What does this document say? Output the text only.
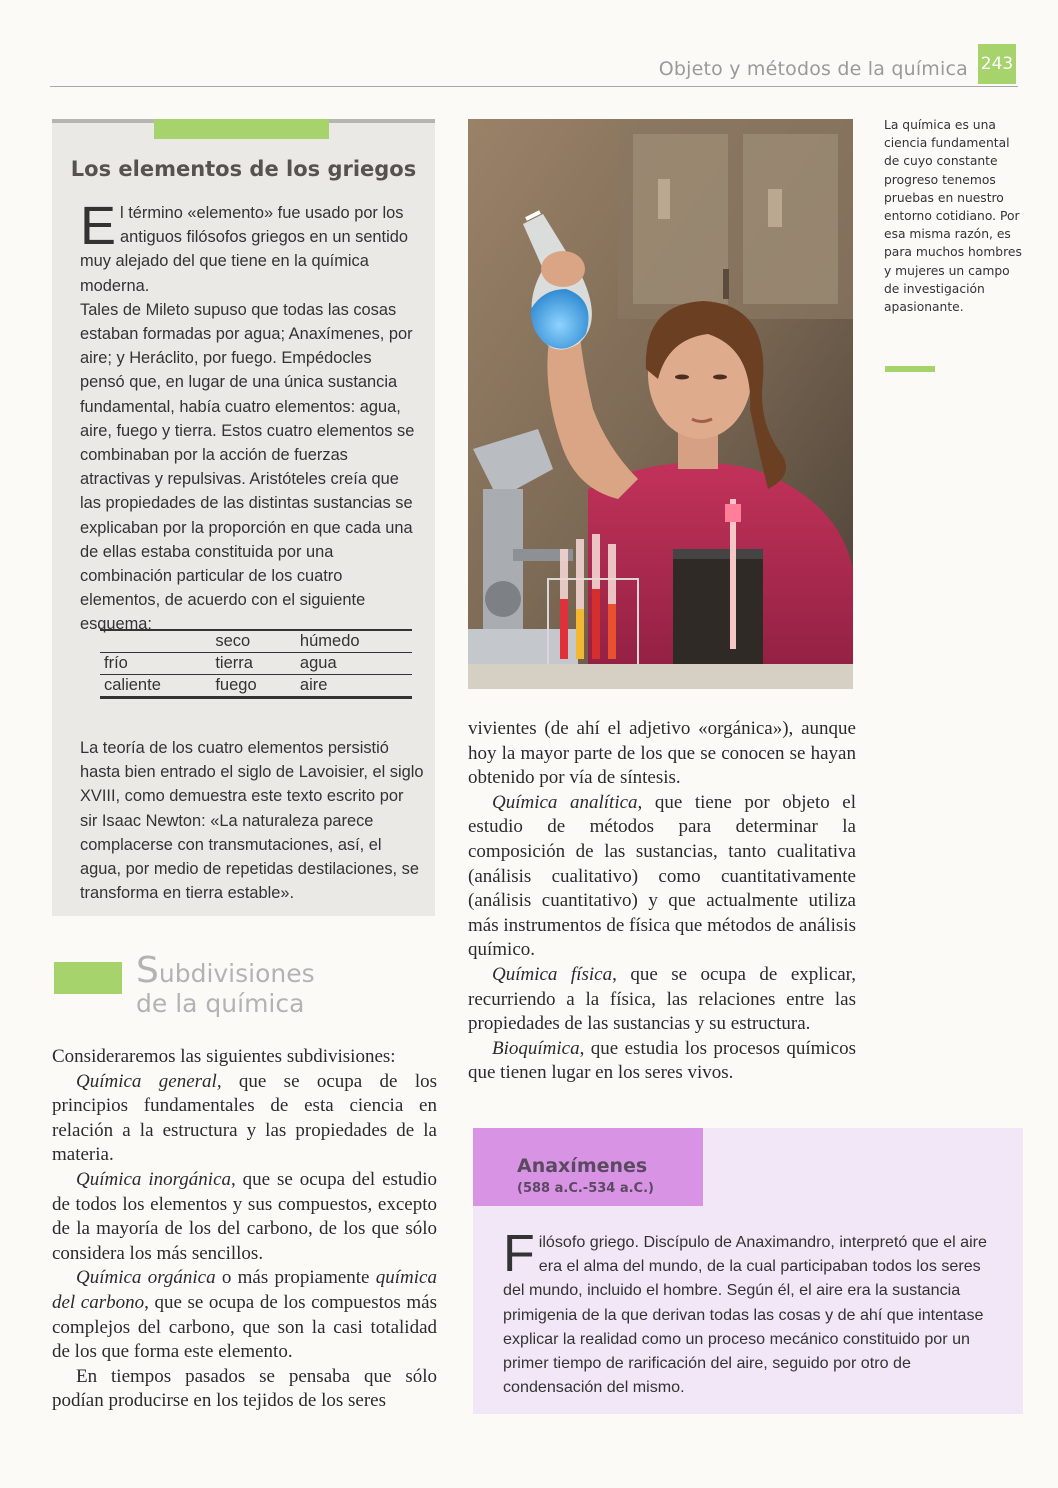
Objeto y métodos de la química 243
Los elementos de los griegos

El término «elemento» fue usado por los antiguos filósofos griegos en un sentido muy alejado del que tiene en la química moderna.

Tales de Mileto supuso que todas las cosas estaban formadas por agua; Anaxímenes, por aire; y Heráclito, por fuego. Empédocles pensó que, en lugar de una única sustancia fundamental, había cuatro elementos: agua, aire, fuego y tierra. Estos cuatro elementos se combinaban por la acción de fuerzas atractivas y repulsivas. Aristóteles creía que las propiedades de las distintas sustancias se explicaban por la proporción en que cada una de ellas estaba constituida por una combinación particular de los cuatro elementos, de acuerdo con el siguiente esquema:

	seco	húmedo
frío	tierra	agua
caliente	fuego	aire
La teoría de los cuatro elementos persistió hasta bien entrado el siglo de Lavoisier, el siglo XVIII, como demuestra este texto escrito por sir Isaac Newton: «La naturaleza parece complacerse con transmutaciones, así, el agua, por medio de repetidas destilaciones, se transforma en tierra estable».
Subdivisiones
de la química

Consideraremos las siguientes subdivisiones:

Química general, que se ocupa de los principios fundamentales de esta ciencia en relación a la estructura y las propiedades de la materia.

Química inorgánica, que se ocupa del estudio de todos los elementos y sus compuestos, excepto de la mayoría de los del carbono, de los que sólo considera los más sencillos.

Química orgánica o más propiamente química del carbono, que se ocupa de los compuestos más complejos del carbono, que son la casi totalidad de los que forma este elemento.

En tiempos pasados se pensaba que sólo podían producirse en los tejidos de los seres

La química es una ciencia fundamental de cuyo constante progreso tenemos pruebas en nuestro entorno cotidiano. Por esa misma razón, es para muchos hombres y mujeres un campo de investigación apasionante.

vivientes (de ahí el adjetivo «orgánica»), aunque hoy la mayor parte de los que se conocen se hayan obtenido por vía de síntesis.

Química analítica, que tiene por objeto el estudio de métodos para determinar la composición de las sustancias, tanto cualitativa (análisis cualitativo) como cuantitativamente (análisis cuantitativo) y que actualmente utiliza más instrumentos de física que métodos de análisis químico.

Química física, que se ocupa de explicar, recurriendo a la física, las relaciones entre las propiedades de las sustancias y su estructura.

Bioquímica, que estudia los procesos químicos que tienen lugar en los seres vivos.

Anaxímenes
(588 a.C.-534 a.C.)
Filósofo griego. Discípulo de Anaximandro, interpretó que el aire era el alma del mundo, de la cual participaban todos los seres del mundo, incluido el hombre. Según él, el aire era la sustancia primigenia de la que derivan todas las cosas y de ahí que intentase explicar la realidad como un proceso mecánico constituido por un primer tiempo de rarificación del aire, seguido por otro de condensación del mismo.
